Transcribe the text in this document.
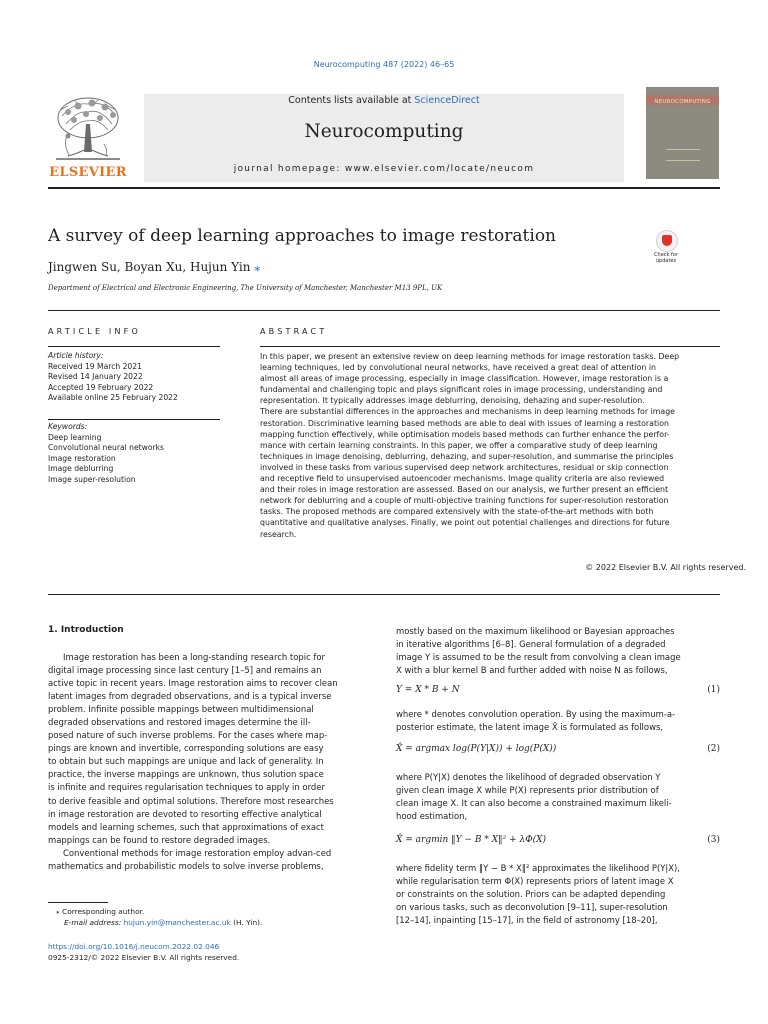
Neurocomputing 487 (2022) 46–65
ELSEVIER
Contents lists available at ScienceDirect
Neurocomputing
journal homepage: www.elsevier.com/locate/neucom
NEUROCOMPUTING
A survey of deep learning approaches to image restoration
Check for
updates
Jingwen Su, Boyan Xu, Hujun Yin ⁎
Department of Electrical and Electronic Engineering, The University of Manchester, Manchester M13 9PL, UK
ARTICLE INFO	ABSTRACT
Article history:
Received 19 March 2021
Revised 14 January 2022
Accepted 19 February 2022
Available online 25 February 2022
Keywords:
Deep learning
Convolutional neural networks
Image restoration
Image deblurring
Image super-resolution

In this paper, we present an extensive review on deep learning methods for image restoration tasks. Deep

learning techniques, led by convolutional neural networks, have received a great deal of attention in

almost all areas of image processing, especially in image classification. However, image restoration is a

fundamental and challenging topic and plays significant roles in image processing, understanding and

representation. It typically addresses image deblurring, denoising, dehazing and super-resolution.

There are substantial differences in the approaches and mechanisms in deep learning methods for image

restoration. Discriminative learning based methods are able to deal with issues of learning a restoration

mapping function effectively, while optimisation models based methods can further enhance the perfor-

mance with certain learning constraints. In this paper, we offer a comparative study of deep learning

techniques in image denoising, deblurring, dehazing, and super-resolution, and summarise the principles

involved in these tasks from various supervised deep network architectures, residual or skip connection

and receptive field to unsupervised autoencoder mechanisms. Image quality criteria are also reviewed

and their roles in image restoration are assessed. Based on our analysis, we further present an efficient

network for deblurring and a couple of multi-objective training functions for super-resolution restoration

tasks. The proposed methods are compared extensively with the state-of-the-art methods with both

quantitative and qualitative analyses. Finally, we point out potential challenges and directions for future

research.

© 2022 Elsevier B.V. All rights reserved.
1. Introduction
Image restoration has been a long-standing research topic for
digital image processing since last century [1–5] and remains an
active topic in recent years. Image restoration aims to recover clean
latent images from degraded observations, and is a typical inverse
problem. Infinite possible mappings between multidimensional
degraded observations and restored images determine the ill-
posed nature of such inverse problems. For the cases where map-
pings are known and invertible, corresponding solutions are easy
to obtain but such mappings are unique and lack of generality. In
practice, the inverse mappings are unknown, thus solution space
is infinite and requires regularisation techniques to apply in order
to derive feasible and optimal solutions. Therefore most researches
in image restoration are devoted to resorting effective analytical
models and learning schemes, such that approximations of exact
mappings can be found to restore degraded images.
Conventional methods for image restoration employ advan-ced
mathematics and probabilistic models to solve inverse problems,
mostly based on the maximum likelihood or Bayesian approaches
in iterative algorithms [6–8]. General formulation of a degraded
image Y is assumed to be the result from convolving a clean image
X with a blur kernel B and further added with noise N as follows,
Y = X * B + N	(1)
where * denotes convolution operation. By using the maximum-a-
posterior estimate, the latent image X̂ is formulated as follows,
X̂ = argmax log(P(Y|X)) + log(P(X))	(2)
where P(Y|X) denotes the likelihood of degraded observation Y
given clean image X while P(X) represents prior distribution of
clean image X. It can also become a constrained maximum likeli-
hood estimation,
X̂ = argmin ‖Y − B * X‖² + λΦ(X)	(3)
where fidelity term ‖Y − B * X‖² approximates the likelihood P(Y|X),
while regularisation term Φ(X) represents priors of latent image X
or constraints on the solution. Priors can be adapted depending
on various tasks, such as deconvolution [9–11], super-resolution
[12–14], inpainting [15–17], in the field of astronomy [18–20],
⁎ Corresponding author.
E-mail address: hujun.yin@manchester.ac.uk (H. Yin).
https://doi.org/10.1016/j.neucom.2022.02.046
0925-2312/© 2022 Elsevier B.V. All rights reserved.
